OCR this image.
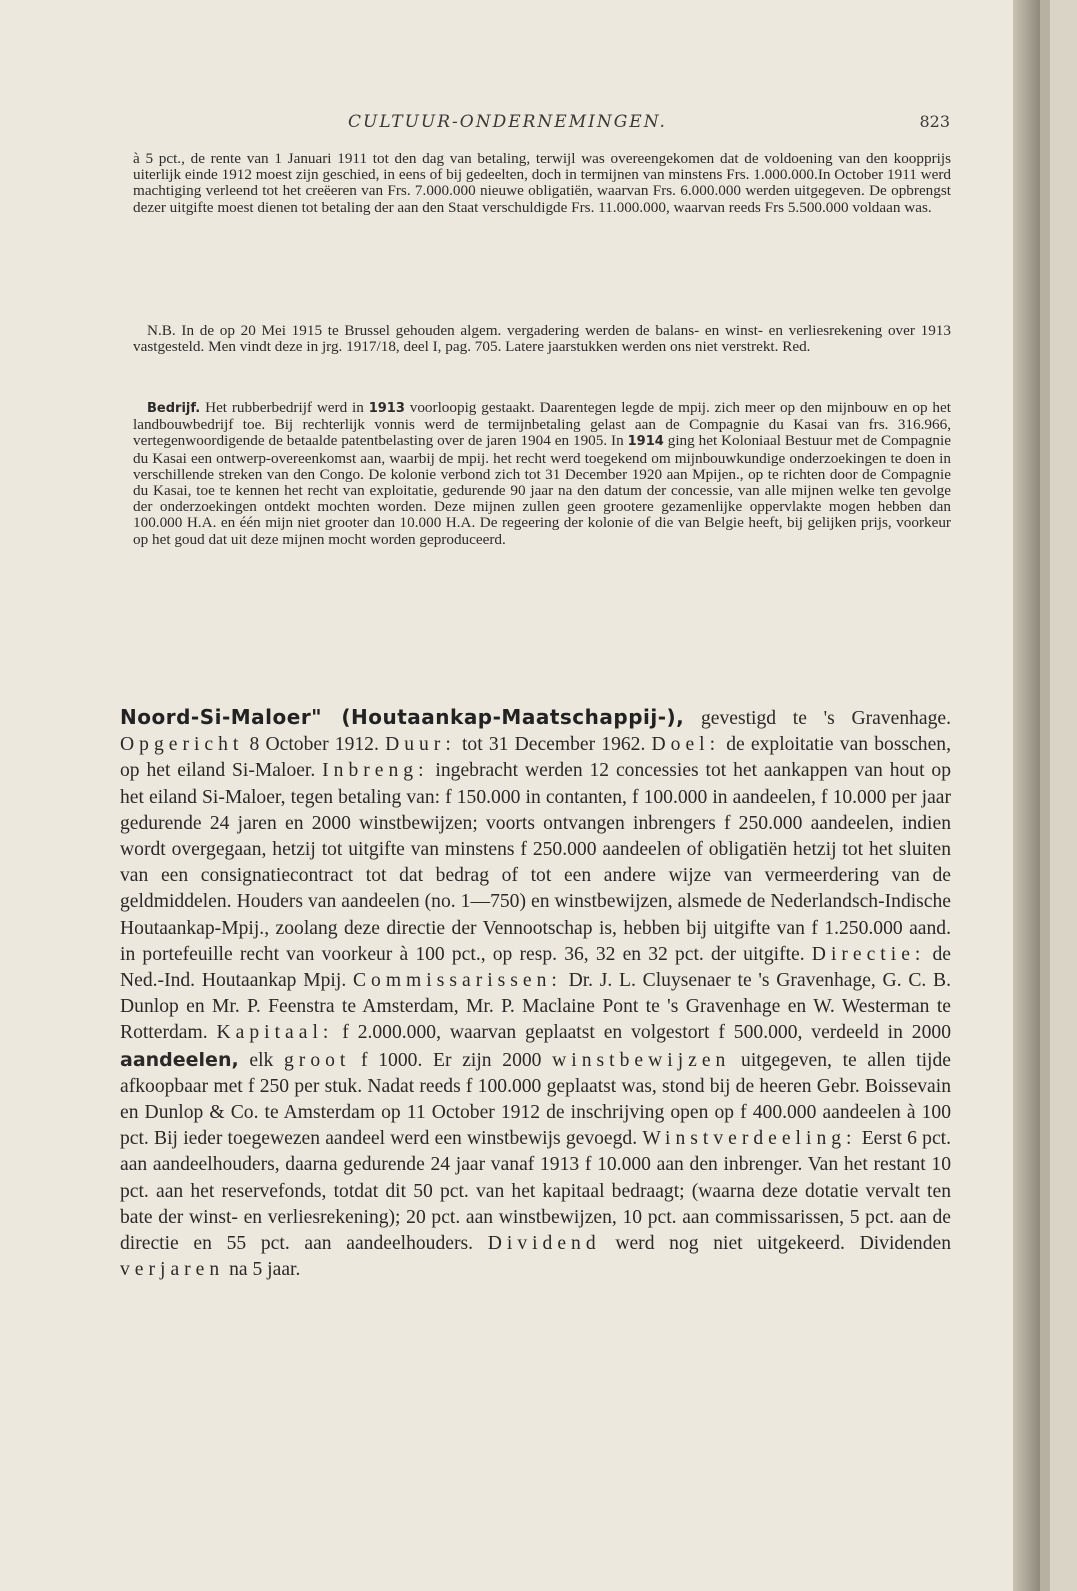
CULTUUR-ONDERNEMINGEN.	823

à 5 pct., de rente van 1 Januari 1911 tot den dag van betaling, terwijl was overeengekomen dat de voldoening van den koopprijs uiterlijk einde 1912 moest zijn geschied, in eens of bij gedeelten, doch in termijnen van minstens Frs. 1.000.000.In October 1911 werd machtiging verleend tot het creëeren van Frs. 7.000.000 nieuwe obligatiën, waarvan Frs. 6.000.000 werden uitgegeven. De opbrengst dezer uitgifte moest dienen tot betaling der aan den Staat verschuldigde Frs. 11.000.000, waarvan reeds Frs 5.500.000 voldaan was.

N.B. In de op 20 Mei 1915 te Brussel gehouden algem. vergadering werden de balans- en winst- en verliesrekening over 1913 vastgesteld. Men vindt deze in jrg. 1917/18, deel I, pag. 705. Latere jaarstukken werden ons niet verstrekt. Red.

Bedrijf. Het rubberbedrijf werd in 1913 voorloopig gestaakt. Daarentegen legde de mpij. zich meer op den mijnbouw en op het landbouwbedrijf toe. Bij rechterlijk vonnis werd de termijnbetaling gelast aan de Compagnie du Kasai van frs. 316.966, vertegenwoordigende de betaalde patentbelasting over de jaren 1904 en 1905. In 1914 ging het Koloniaal Bestuur met de Compagnie du Kasai een ontwerp-overeenkomst aan, waarbij de mpij. het recht werd toegekend om mijnbouwkundige onderzoekingen te doen in verschillende streken van den Congo. De kolonie verbond zich tot 31 December 1920 aan Mpijen., op te richten door de Compagnie du Kasai, toe te kennen het recht van exploitatie, gedurende 90 jaar na den datum der concessie, van alle mijnen welke ten gevolge der onderzoekingen ontdekt mochten worden. Deze mijnen zullen geen grootere gezamenlijke oppervlakte mogen hebben dan 100.000 H.A. en één mijn niet grooter dan 10.000 H.A. De regeering der kolonie of die van Belgie heeft, bij gelijken prijs, voorkeur op het goud dat uit deze mijnen mocht worden geproduceerd.

Noord-Si-Maloer" (Houtaankap-Maatschappij-), gevestigd te 's Gravenhage. Opgericht 8 October 1912. Duur: tot 31 December 1962. Doel: de exploitatie van bosschen, op het eiland Si-Maloer. Inbreng: ingebracht werden 12 concessies tot het aankappen van hout op het eiland Si-Maloer, tegen betaling van: f 150.000 in contanten, f 100.000 in aandeelen, f 10.000 per jaar gedurende 24 jaren en 2000 winstbewijzen; voorts ontvangen inbrengers f 250.000 aandeelen, indien wordt overgegaan, hetzij tot uitgifte van minstens f 250.000 aandeelen of obligatiën hetzij tot het sluiten van een consignatiecontract tot dat bedrag of tot een andere wijze van vermeerdering van de geldmiddelen. Houders van aandeelen (no. 1—750) en winstbewijzen, alsmede de Nederlandsch-Indische Houtaankap-Mpij., zoolang deze directie der Vennootschap is, hebben bij uitgifte van f 1.250.000 aand. in portefeuille recht van voorkeur à 100 pct., op resp. 36, 32 en 32 pct. der uitgifte. Directie: de Ned.-Ind. Houtaankap Mpij. Commissarissen: Dr. J. L. Cluysenaer te 's Gravenhage, G. C. B. Dunlop en Mr. P. Feenstra te Amsterdam, Mr. P. Maclaine Pont te 's Gravenhage en W. Westerman te Rotterdam. Kapitaal: f 2.000.000, waarvan geplaatst en volgestort f 500.000, verdeeld in 2000 aandeelen, elk groot f 1000. Er zijn 2000 winstbewijzen uitgegeven, te allen tijde afkoopbaar met f 250 per stuk. Nadat reeds f 100.000 geplaatst was, stond bij de heeren Gebr. Boissevain en Dunlop & Co. te Amsterdam op 11 October 1912 de inschrijving open op f 400.000 aandeelen à 100 pct. Bij ieder toegewezen aandeel werd een winstbewijs gevoegd. Winstverdeeling: Eerst 6 pct. aan aandeelhouders, daarna gedurende 24 jaar vanaf 1913 f 10.000 aan den inbrenger. Van het restant 10 pct. aan het reservefonds, totdat dit 50 pct. van het kapitaal bedraagt; (waarna deze dotatie vervalt ten bate der winst- en verliesrekening); 20 pct. aan winstbewijzen, 10 pct. aan commissarissen, 5 pct. aan de directie en 55 pct. aan aandeelhouders. Dividend werd nog niet uitgekeerd. Dividenden verjaren na 5 jaar.
